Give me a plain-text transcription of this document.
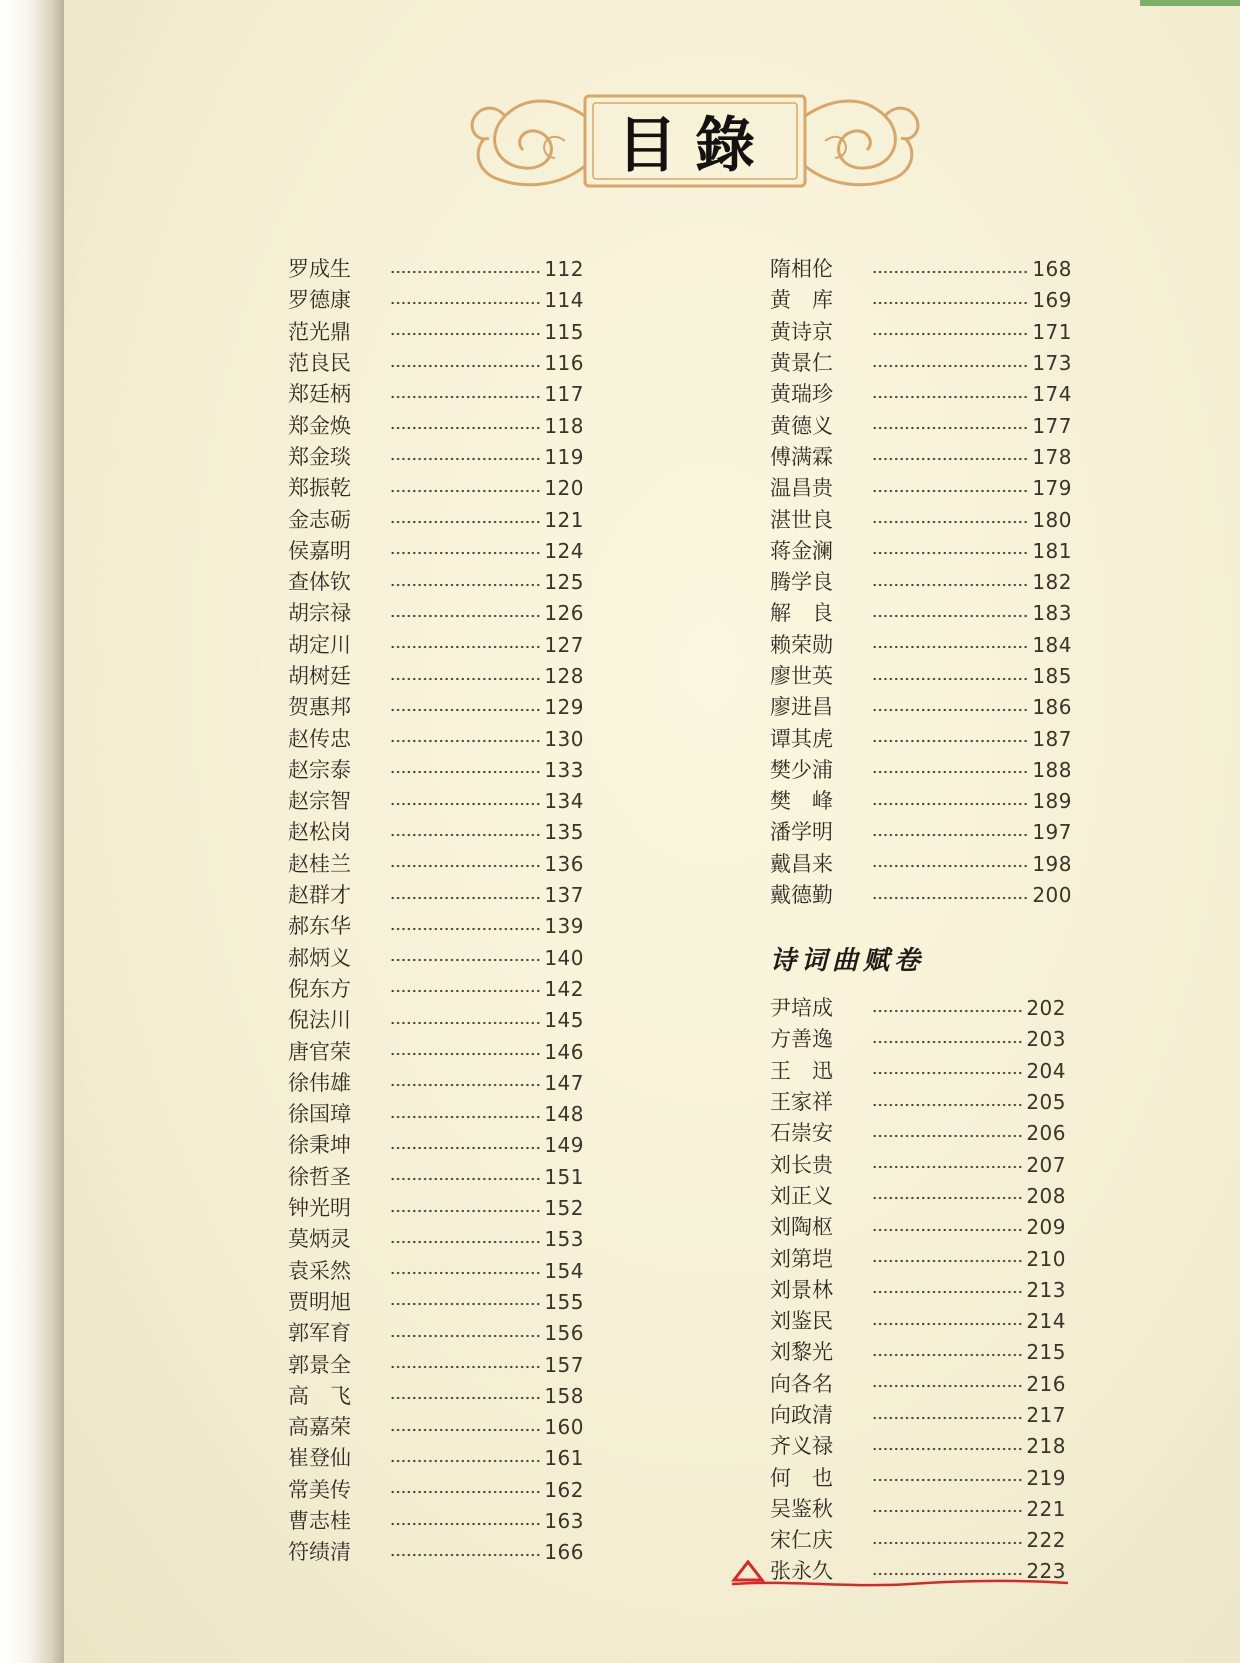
目錄
罗成生	112
罗德康	114
范光鼎	115
范良民	116
郑廷柄	117
郑金焕	118
郑金琰	119
郑振乾	120
金志砺	121
侯嘉明	124
查体钦	125
胡宗禄	126
胡定川	127
胡树廷	128
贺惠邦	129
赵传忠	130
赵宗泰	133
赵宗智	134
赵松岗	135
赵桂兰	136
赵群才	137
郝东华	139
郝炳义	140
倪东方	142
倪法川	145
唐官荣	146
徐伟雄	147
徐国璋	148
徐秉坤	149
徐哲圣	151
钟光明	152
莫炳灵	153
袁采然	154
贾明旭	155
郭军育	156
郭景全	157
高　飞	158
高嘉荣	160
崔登仙	161
常美传	162
曹志桂	163
符绩清	166
隋相伦	168
黄　库	169
黄诗京	171
黄景仁	173
黄瑞珍	174
黄德义	177
傅满霖	178
温昌贵	179
湛世良	180
蒋金澜	181
腾学良	182
解　良	183
赖荣勋	184
廖世英	185
廖进昌	186
谭其虎	187
樊少浦	188
樊　峰	189
潘学明	197
戴昌来	198
戴德勤	200
诗词曲赋卷
尹培成	202
方善逸	203
王　迅	204
王家祥	205
石崇安	206
刘长贵	207
刘正义	208
刘陶枢	209
刘第垲	210
刘景林	213
刘鉴民	214
刘黎光	215
向各名	216
向政清	217
齐义禄	218
何　也	219
吴鉴秋	221
宋仁庆	222
张永久	223
